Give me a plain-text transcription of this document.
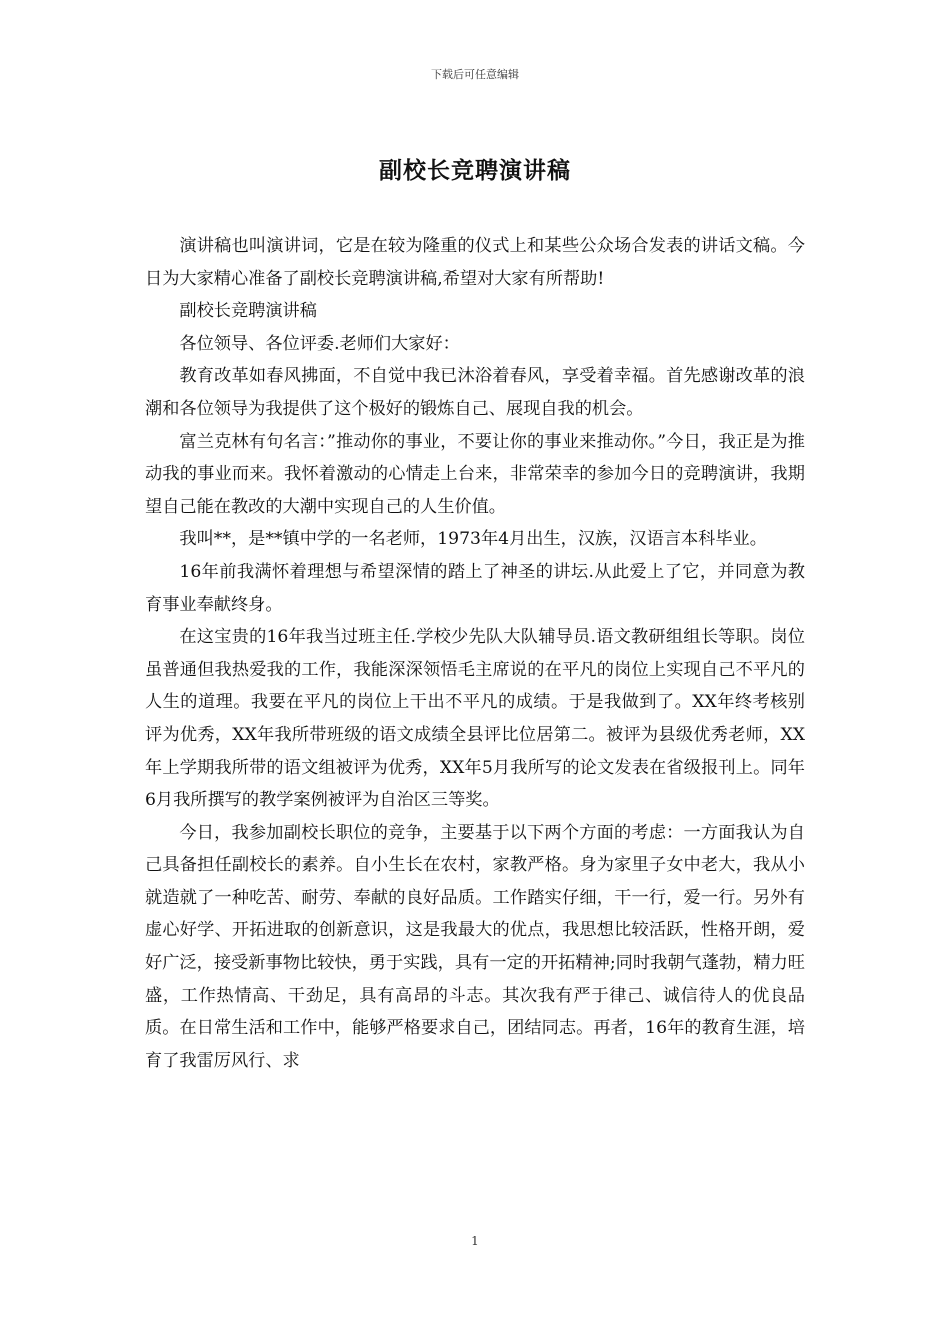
下载后可任意编辑
副校长竞聘演讲稿

演讲稿也叫演讲词，它是在较为隆重的仪式上和某些公众场合发表的讲话文稿。今日为大家精心准备了副校长竞聘演讲稿,希望对大家有所帮助!

副校长竞聘演讲稿

各位领导、各位评委.老师们大家好：

教育改革如春风拂面，不自觉中我已沐浴着春风，享受着幸福。首先感谢改革的浪潮和各位领导为我提供了这个极好的锻炼自己、展现自我的机会。

富兰克林有句名言：”推动你的事业，不要让你的事业来推动你。”今日，我正是为推动我的事业而来。我怀着激动的心情走上台来，非常荣幸的参加今日的竞聘演讲，我期望自己能在教改的大潮中实现自己的人生价值。

我叫**，是**镇中学的一名老师，1973年4月出生，汉族，汉语言本科毕业。

16年前我满怀着理想与希望深情的踏上了神圣的讲坛.从此爱上了它，并同意为教育事业奉献终身。

在这宝贵的16年我当过班主任.学校少先队大队辅导员.语文教研组组长等职。岗位虽普通但我热爱我的工作，我能深深领悟毛主席说的在平凡的岗位上实现自己不平凡的人生的道理。我要在平凡的岗位上干出不平凡的成绩。于是我做到了。XX年终考核别评为优秀，XX年我所带班级的语文成绩全县评比位居第二。被评为县级优秀老师，XX年上学期我所带的语文组被评为优秀，XX年5月我所写的论文发表在省级报刊上。同年6月我所撰写的教学案例被评为自治区三等奖。

今日，我参加副校长职位的竞争，主要基于以下两个方面的考虑：一方面我认为自己具备担任副校长的素养。自小生长在农村，家教严格。身为家里子女中老大，我从小就造就了一种吃苦、耐劳、奉献的良好品质。工作踏实仔细，干一行，爱一行。另外有虚心好学、开拓进取的创新意识，这是我最大的优点，我思想比较活跃，性格开朗，爱好广泛，接受新事物比较快，勇于实践，具有一定的开拓精神;同时我朝气蓬勃，精力旺盛，工作热情高、干劲足，具有高昂的斗志。其次我有严于律己、诚信待人的优良品质。在日常生活和工作中，能够严格要求自己，团结同志。再者，16年的教育生涯，培育了我雷厉风行、求

1
